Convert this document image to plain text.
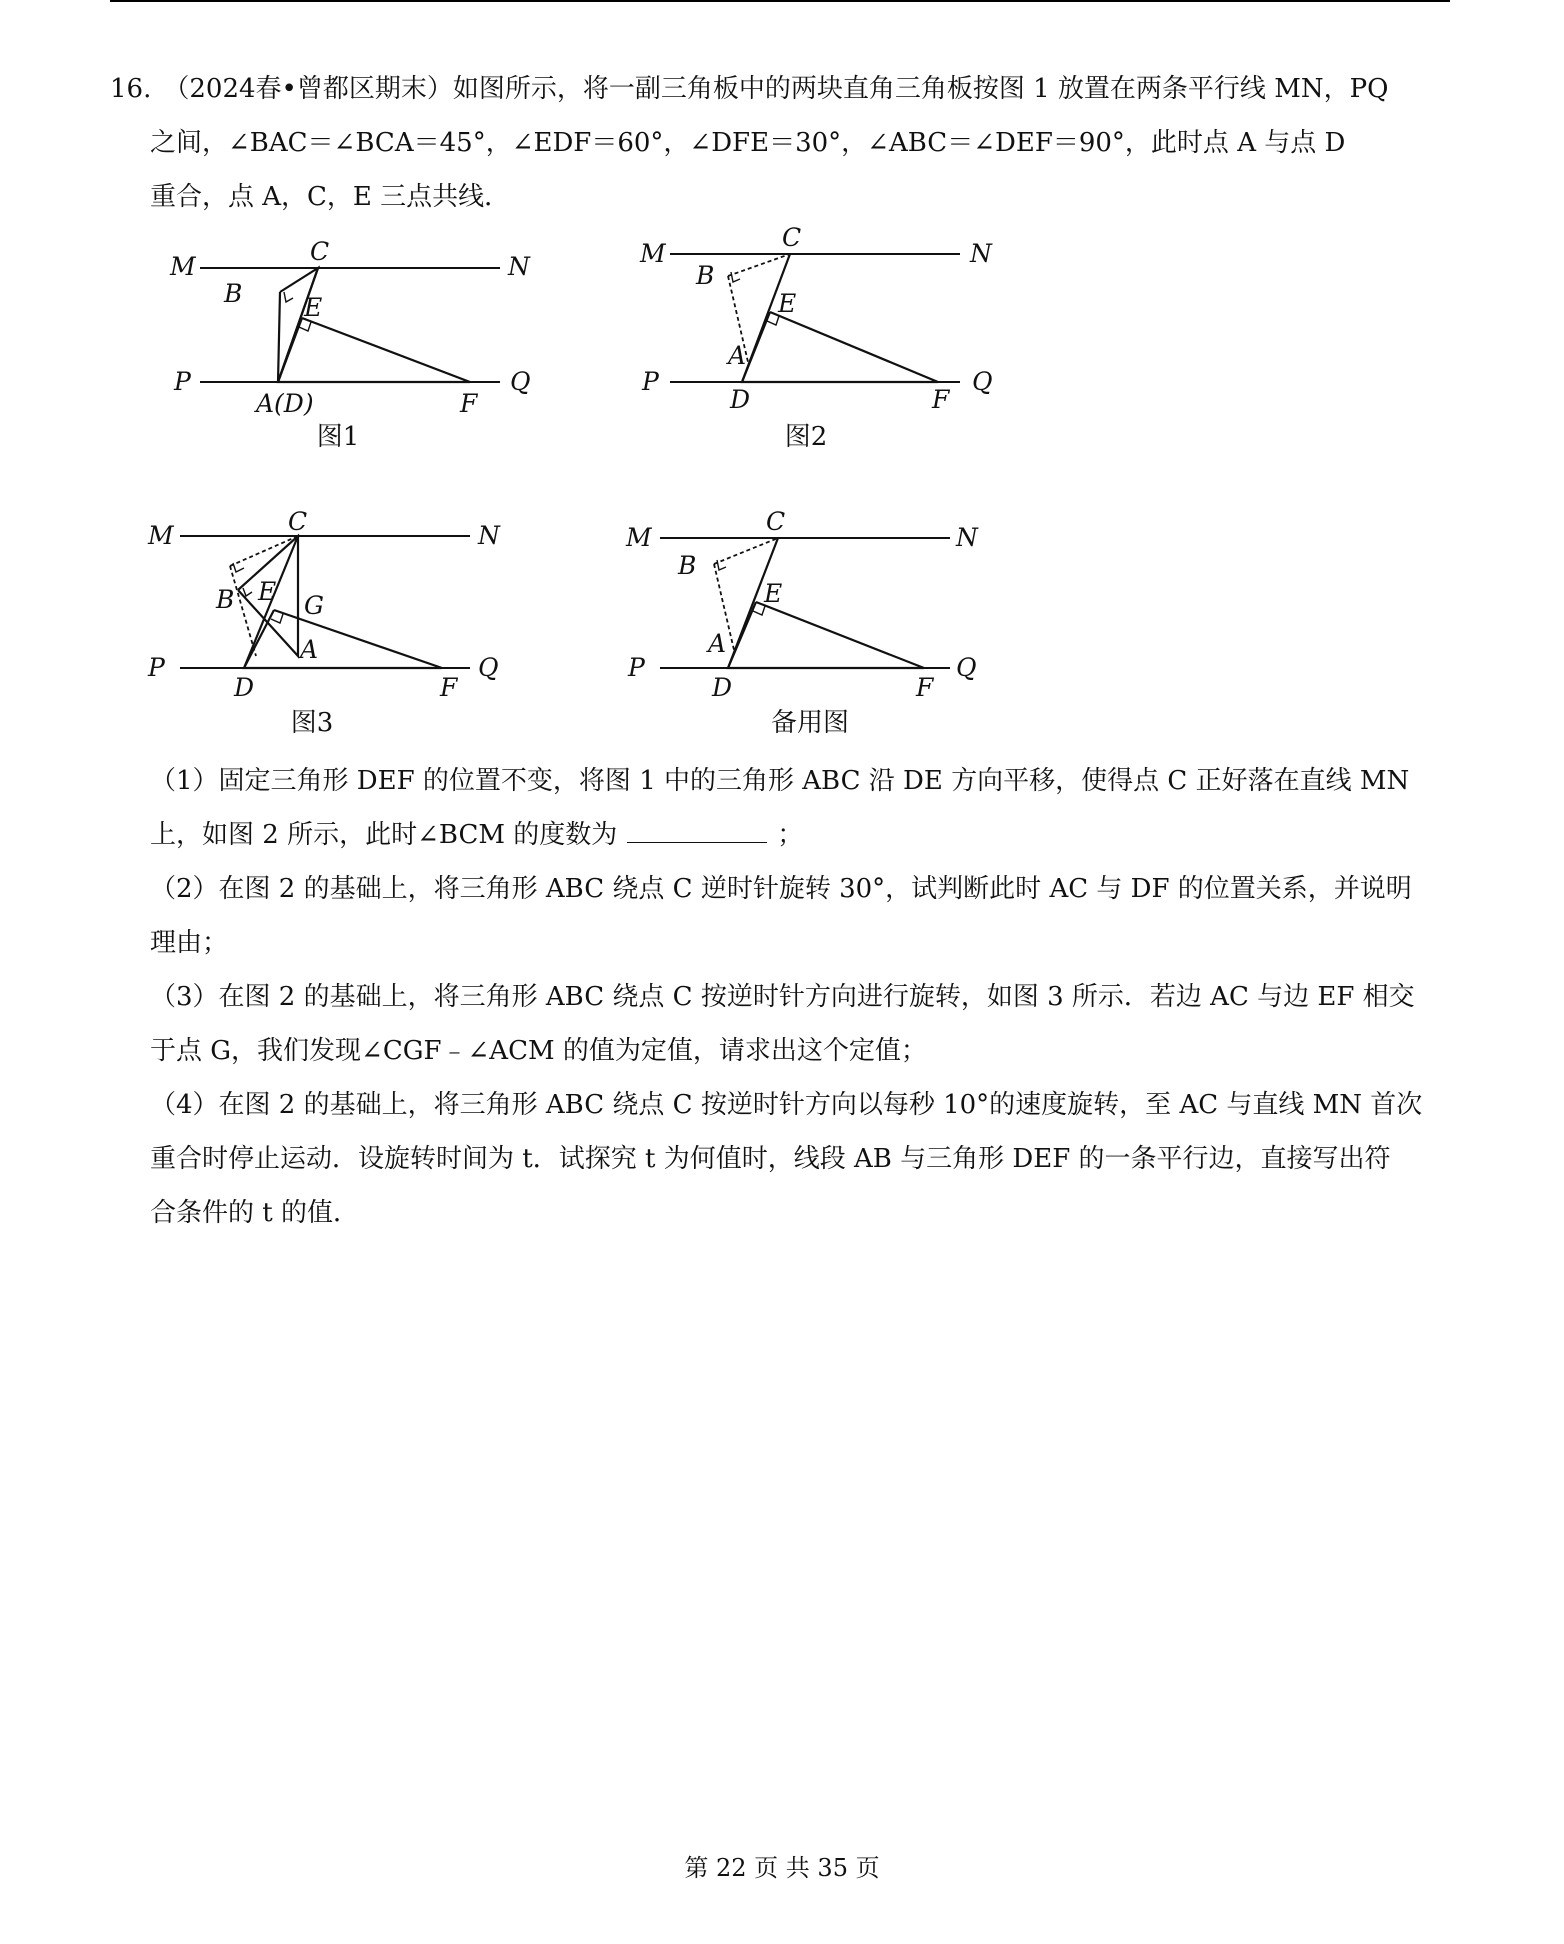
16. （2024春•曾都区期末）如图所示，将一副三角板中的两块直角三角板按图 1 放置在两条平行线 MN，PQ
之间，∠BAC＝∠BCA＝45°，∠EDF＝60°，∠DFE＝30°，∠ABC＝∠DEF＝90°，此时点 A 与点 D
重合，点 A，C，E 三点共线．
M	N
P	Q
C
B E
A(D)	F
图1
M	N
P	Q
C
B
E
A
D	F
图2
M	N
P	Q
C
B E G
A
D	F
图3
M	N
P	Q
C
B
E
A
D	F
备用图

（1）固定三角形 DEF 的位置不变，将图 1 中的三角形 ABC 沿 DE 方向平移，使得点 C 正好落在直线 MN

上，如图 2 所示，此时∠BCM 的度数为	；

（2）在图 2 的基础上，将三角形 ABC 绕点 C 逆时针旋转 30°，试判断此时 AC 与 DF 的位置关系，并说明

理由；

（3）在图 2 的基础上，将三角形 ABC 绕点 C 按逆时针方向进行旋转，如图 3 所示．若边 AC 与边 EF 相交

于点 G，我们发现∠CGF﹣∠ACM 的值为定值，请求出这个定值；

（4）在图 2 的基础上，将三角形 ABC 绕点 C 按逆时针方向以每秒 10°的速度旋转，至 AC 与直线 MN 首次

重合时停止运动．设旋转时间为 t．试探究 t 为何值时，线段 AB 与三角形 DEF 的一条平行边，直接写出符

合条件的 t 的值．

第 22 页 共 35 页
